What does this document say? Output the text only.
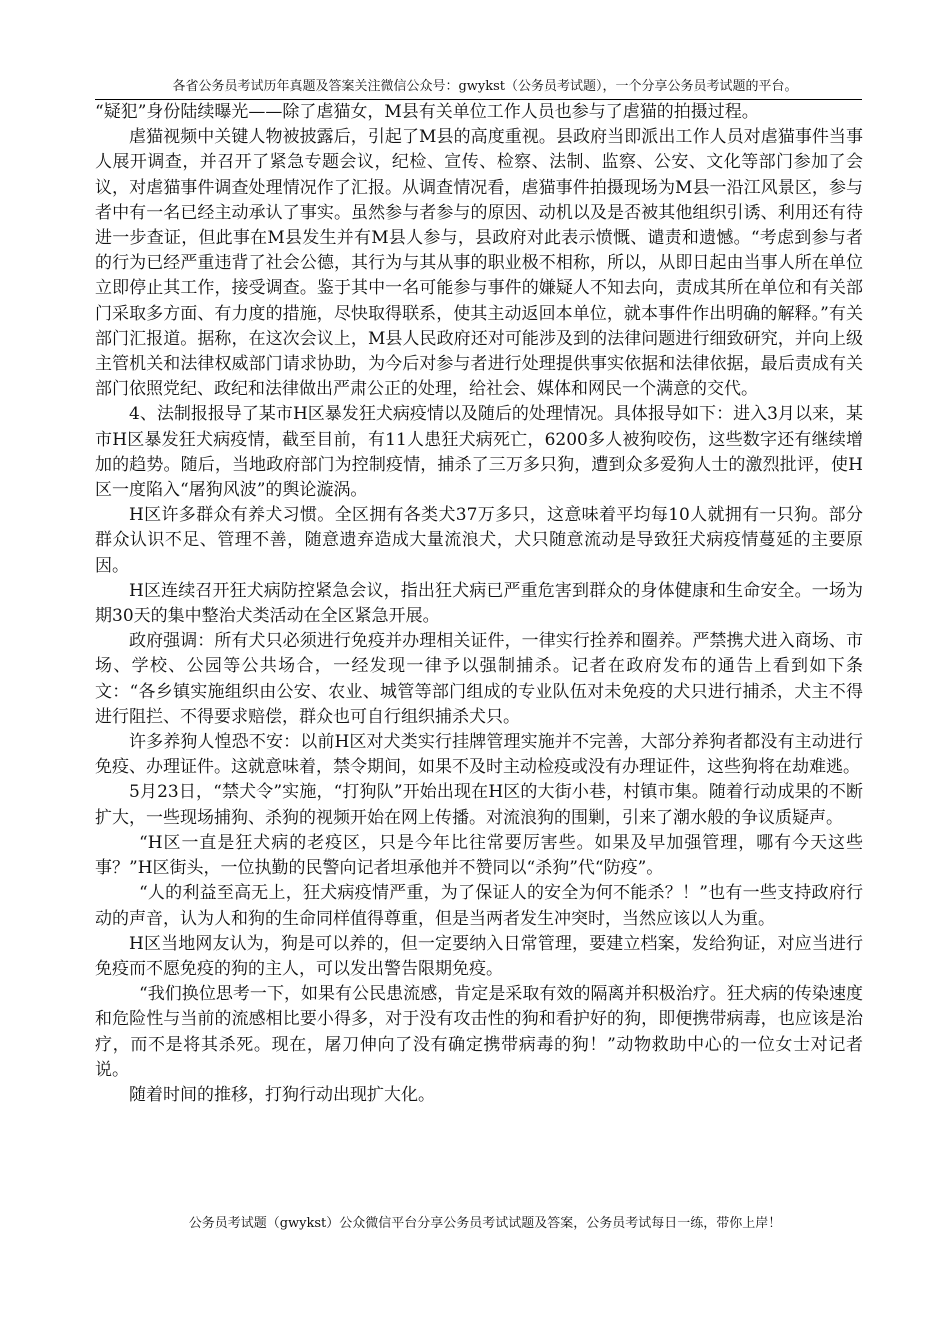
各省公务员考试历年真题及答案关注微信公众号：gwykst（公务员考试题），一个分享公务员考试题的平台。

“疑犯”身份陆续曝光——除了虐猫女，M县有关单位工作人员也参与了虐猫的拍摄过程。

虐猫视频中关键人物被披露后，引起了M县的高度重视。县政府当即派出工作人员对虐猫事件当事人展开调查，并召开了紧急专题会议，纪检、宣传、检察、法制、监察、公安、文化等部门参加了会议，对虐猫事件调查处理情况作了汇报。从调查情况看，虐猫事件拍摄现场为M县一沿江风景区，参与者中有一名已经主动承认了事实。虽然参与者参与的原因、动机以及是否被其他组织引诱、利用还有待进一步查证，但此事在M县发生并有M县人参与，县政府对此表示愤慨、谴责和遗憾。“考虑到参与者的行为已经严重违背了社会公德，其行为与其从事的职业极不相称，所以，从即日起由当事人所在单位立即停止其工作，接受调查。鉴于其中一名可能参与事件的嫌疑人不知去向，责成其所在单位和有关部门采取多方面、有力度的措施，尽快取得联系，使其主动返回本单位，就本事件作出明确的解释。”有关部门汇报道。据称，在这次会议上，M县人民政府还对可能涉及到的法律问题进行细致研究，并向上级主管机关和法律权威部门请求协助，为今后对参与者进行处理提供事实依据和法律依据，最后责成有关部门依照党纪、政纪和法律做出严肃公正的处理，给社会、媒体和网民一个满意的交代。

4、法制报报导了某市H区暴发狂犬病疫情以及随后的处理情况。具体报导如下：进入3月以来，某市H区暴发狂犬病疫情，截至目前，有11人患狂犬病死亡，6200多人被狗咬伤，这些数字还有继续增加的趋势。随后，当地政府部门为控制疫情，捕杀了三万多只狗，遭到众多爱狗人士的激烈批评，使H区一度陷入“屠狗风波”的舆论漩涡。

H区许多群众有养犬习惯。全区拥有各类犬37万多只，这意味着平均每10人就拥有一只狗。部分群众认识不足、管理不善，随意遗弃造成大量流浪犬，犬只随意流动是导致狂犬病疫情蔓延的主要原因。

H区连续召开狂犬病防控紧急会议，指出狂犬病已严重危害到群众的身体健康和生命安全。一场为期30天的集中整治犬类活动在全区紧急开展。

政府强调：所有犬只必须进行免疫并办理相关证件，一律实行拴养和圈养。严禁携犬进入商场、市场、学校、公园等公共场合，一经发现一律予以强制捕杀。记者在政府发布的通告上看到如下条文：“各乡镇实施组织由公安、农业、城管等部门组成的专业队伍对未免疫的犬只进行捕杀，犬主不得进行阻拦、不得要求赔偿，群众也可自行组织捕杀犬只。

许多养狗人惶恐不安：以前H区对犬类实行挂牌管理实施并不完善，大部分养狗者都没有主动进行免疫、办理证件。这就意味着，禁令期间，如果不及时主动检疫或没有办理证件，这些狗将在劫难逃。

5月23日，“禁犬令”实施，“打狗队”开始出现在H区的大街小巷，村镇市集。随着行动成果的不断扩大，一些现场捕狗、杀狗的视频开始在网上传播。对流浪狗的围剿，引来了潮水般的争议质疑声。

“H区一直是狂犬病的老疫区，只是今年比往常要厉害些。如果及早加强管理，哪有今天这些事？”H区街头，一位执勤的民警向记者坦承他并不赞同以“杀狗”代“防疫”。

“人的利益至高无上，狂犬病疫情严重，为了保证人的安全为何不能杀？！”也有一些支持政府行动的声音，认为人和狗的生命同样值得尊重，但是当两者发生冲突时，当然应该以人为重。

H区当地网友认为，狗是可以养的，但一定要纳入日常管理，要建立档案，发给狗证，对应当进行免疫而不愿免疫的狗的主人，可以发出警告限期免疫。

“我们换位思考一下，如果有公民患流感，肯定是采取有效的隔离并积极治疗。狂犬病的传染速度和危险性与当前的流感相比要小得多，对于没有攻击性的狗和看护好的狗，即便携带病毒，也应该是治疗，而不是将其杀死。现在，屠刀伸向了没有确定携带病毒的狗！”动物救助中心的一位女士对记者说。

随着时间的推移，打狗行动出现扩大化。

公务员考试题（gwykst）公众微信平台分享公务员考试试题及答案，公务员考试每日一练，带你上岸！
